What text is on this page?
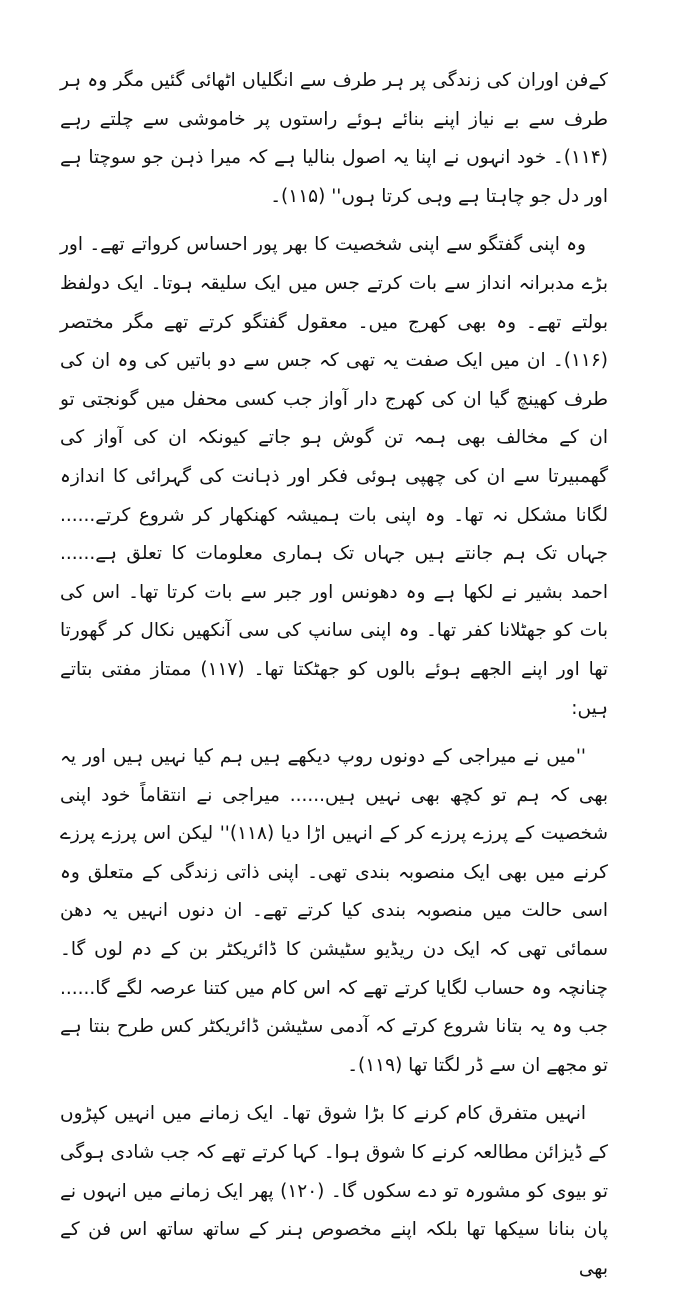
کےفن اوران کی زندگی پر ہر طرف سے انگلیاں اٹھائی گئیں مگر وہ ہر طرف سے بے نیاز اپنے بنائے ہوئے راستوں پر خاموشی سے چلتے رہے (۱۱۴)۔ خود انہوں نے اپنا یہ اصول بنالیا ہے کہ میرا ذہن جو سوچتا ہے اور دل جو چاہتا ہے وہی کرتا ہوں'' (۱۱۵)۔

وہ اپنی گفتگو سے اپنی شخصیت کا بھر پور احساس کرواتے تھے۔ اور بڑے مدبرانہ انداز سے بات کرتے جس میں ایک سلیقہ ہوتا۔ ایک دولفظ بولتے تھے۔ وہ بھی کھرج میں۔ معقول گفتگو کرتے تھے مگر مختصر (۱۱۶)۔ ان میں ایک صفت یہ تھی کہ جس سے دو باتیں کی وہ ان کی طرف کھینچ گیا ان کی کھرج دار آواز جب کسی محفل میں گونجتی تو ان کے مخالف بھی ہمہ تن گوش ہو جاتے کیونکہ ان کی آواز کی گھمبیرتا سے ان کی چھپی ہوئی فکر اور ذہانت کی گہرائی کا اندازہ لگانا مشکل نہ تھا۔ وہ اپنی بات ہمیشہ کھنکھار کر شروع کرتے...... جہاں تک ہم جانتے ہیں جہاں تک ہماری معلومات کا تعلق ہے...... احمد بشیر نے لکھا ہے وہ دھونس اور جبر سے بات کرتا تھا۔ اس کی بات کو جھٹلانا کفر تھا۔ وہ اپنی سانپ کی سی آنکھیں نکال کر گھورتا تھا اور اپنے الجھے ہوئے بالوں کو جھٹکتا تھا۔ (۱۱۷) ممتاز مفتی بتاتے ہیں:

''میں نے میراجی کے دونوں روپ دیکھے ہیں ہم کیا نہیں ہیں اور یہ بھی کہ ہم تو کچھ بھی نہیں ہیں...... میراجی نے انتقاماً خود اپنی شخصیت کے پرزے پرزے کر کے انہیں اڑا دیا (۱۱۸)'' لیکن اس پرزے پرزے کرنے میں بھی ایک منصوبہ بندی تھی۔ اپنی ذاتی زندگی کے متعلق وہ اسی حالت میں منصوبہ بندی کیا کرتے تھے۔ ان دنوں انہیں یہ دھن سمائی تھی کہ ایک دن ریڈیو سٹیشن کا ڈائریکٹر بن کے دم لوں گا۔ چنانچہ وہ حساب لگایا کرتے تھے کہ اس کام میں کتنا عرصہ لگے گا...... جب وہ یہ بتانا شروع کرتے کہ آدمی سٹیشن ڈائریکٹر کس طرح بنتا ہے تو مجھے ان سے ڈر لگتا تھا (۱۱۹)۔

انہیں متفرق کام کرنے کا بڑا شوق تھا۔ ایک زمانے میں انہیں کپڑوں کے ڈیزائن مطالعہ کرنے کا شوق ہوا۔ کہا کرتے تھے کہ جب شادی ہوگی تو بیوی کو مشورہ تو دے سکوں گا۔ (۱۲۰) پھر ایک زمانے میں انہوں نے پان بنانا سیکھا تھا بلکہ اپنے مخصوص ہنر کے ساتھ ساتھ اس فن کے بھی
